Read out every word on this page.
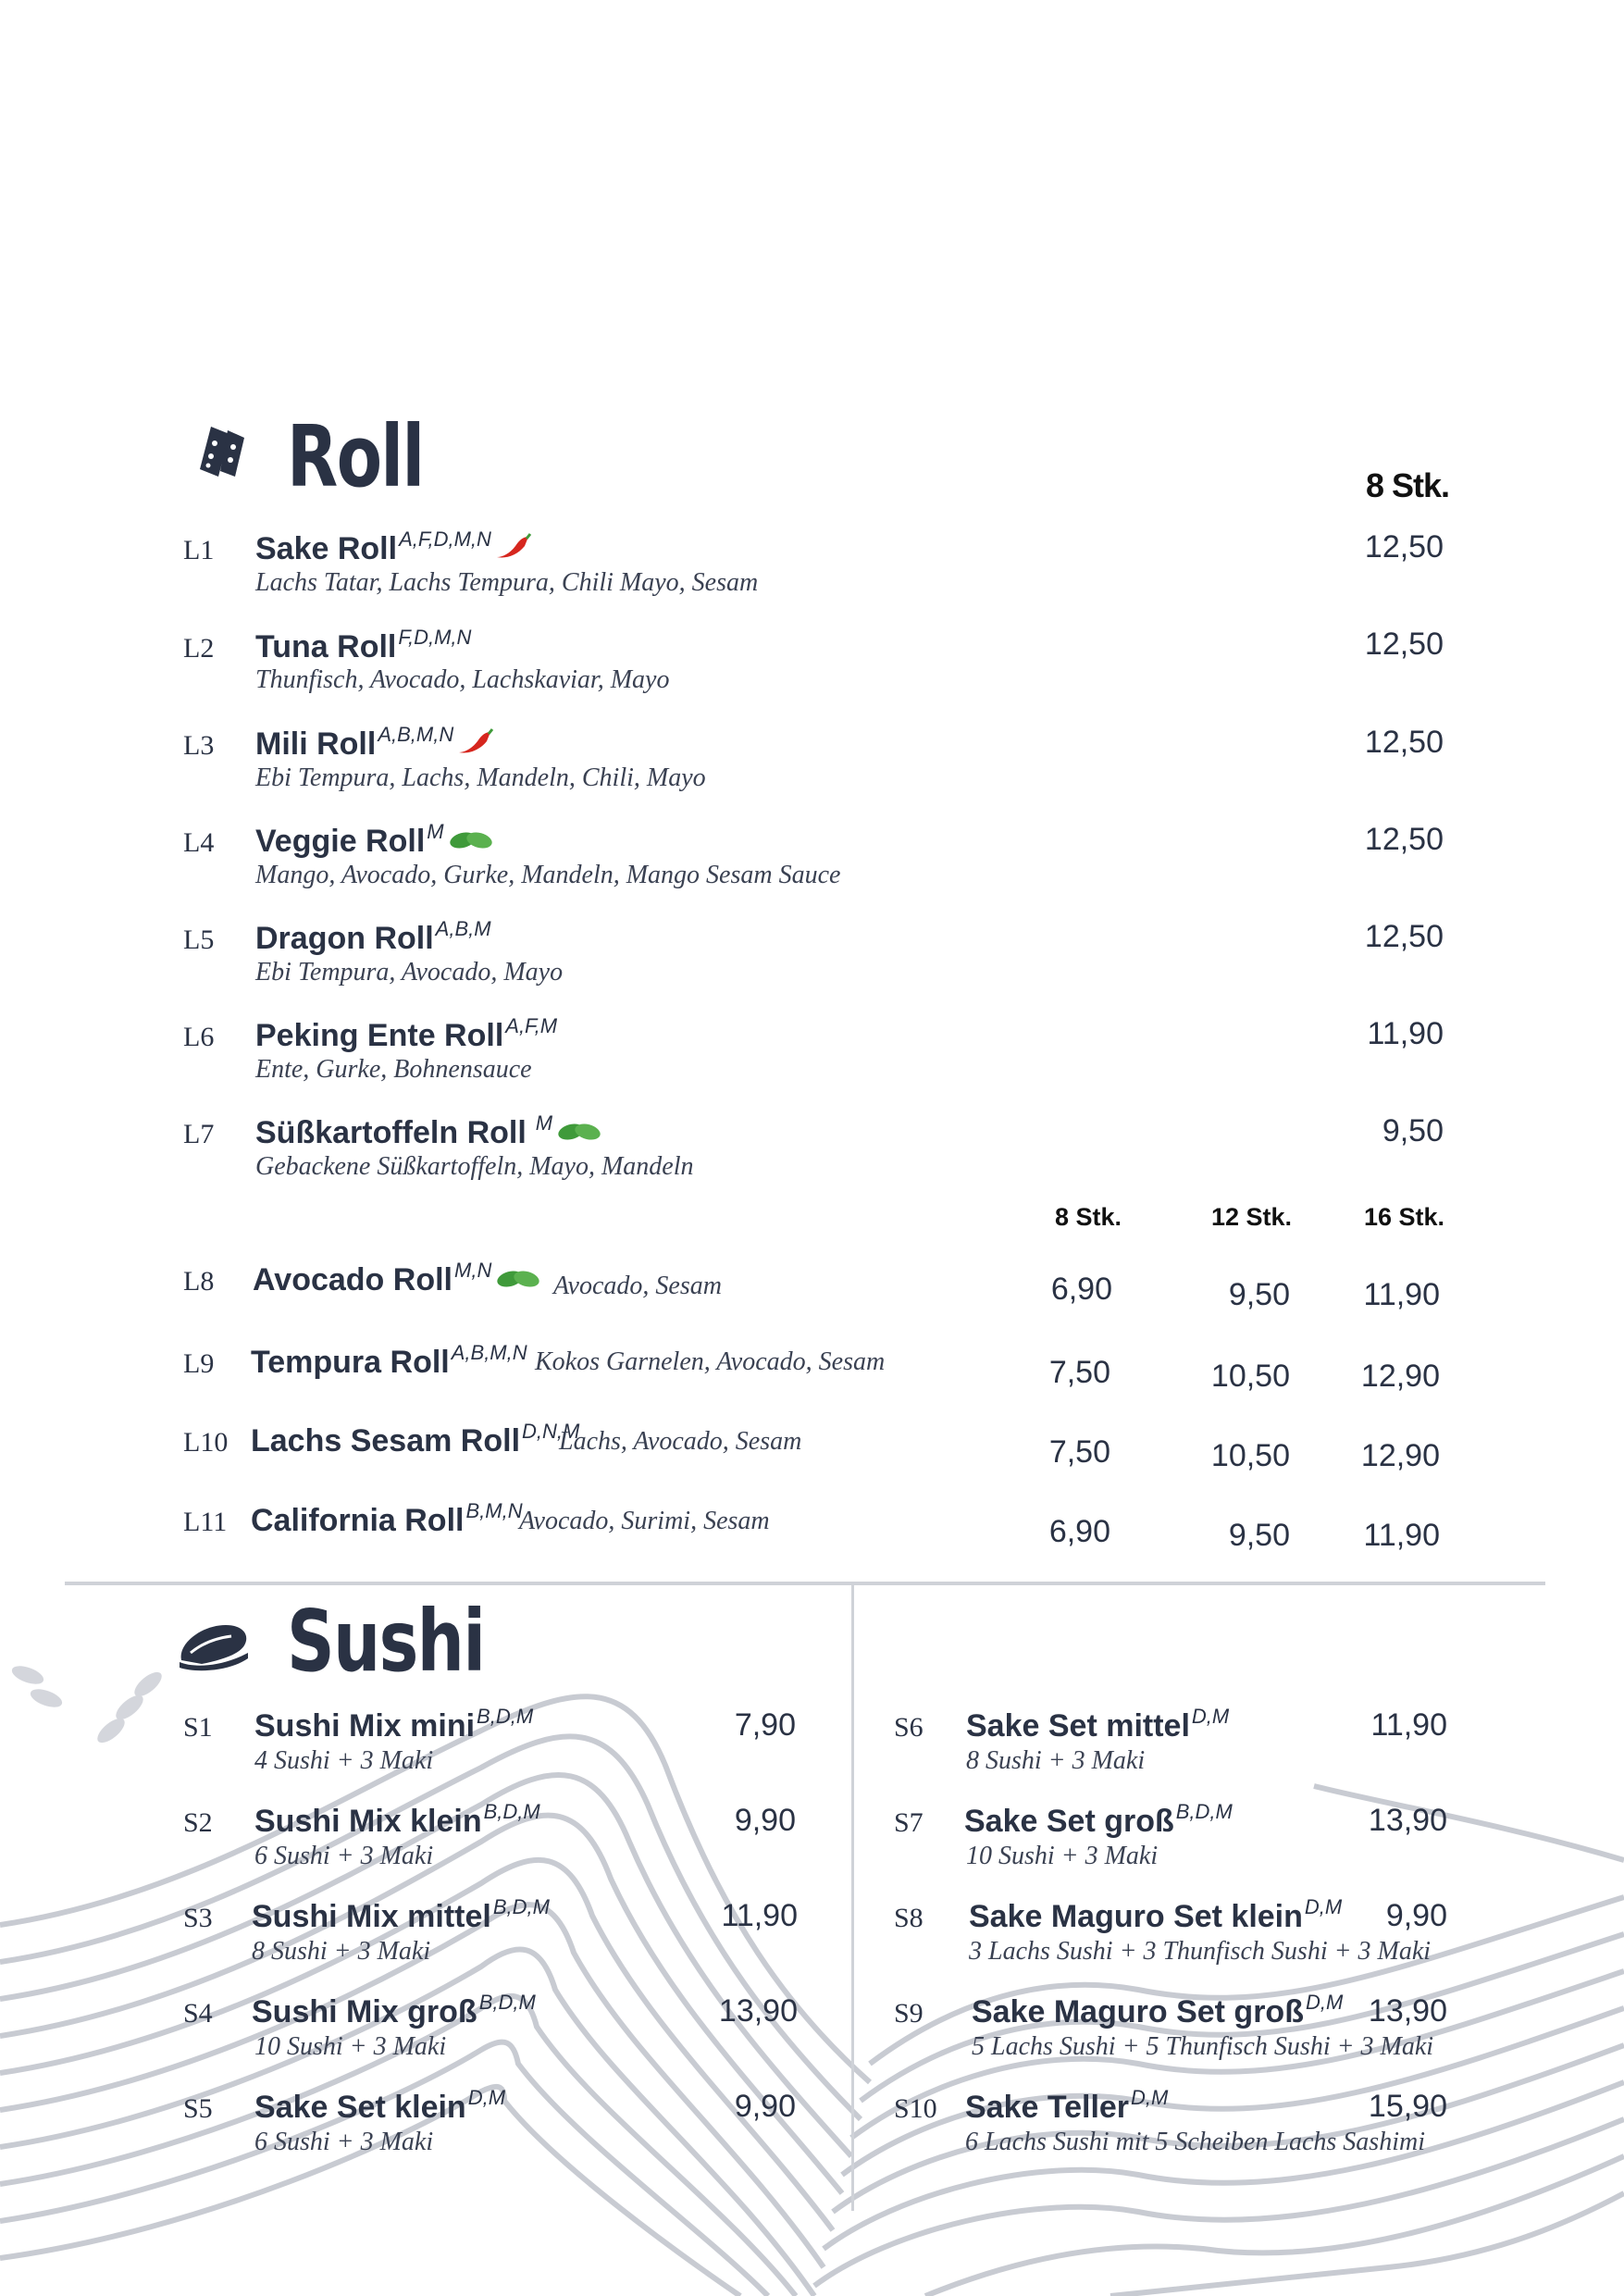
Roll	8 Stk.
L1 Sake Roll$^{A,F,D,M,N}$
Lachs Tatar, Lachs Tempura, Chili Mayo, Sesam
12,50
L2 Tuna Roll$^{F,D,M,N}$
Thunfisch, Avocado, Lachskaviar, Mayo
12,50
L3 Mili Roll$^{A,B,M,N}$
Ebi Tempura, Lachs, Mandeln, Chili, Mayo
12,50
L4 Veggie Roll$^M$
Mango, Avocado, Gurke, Mandeln, Mango Sesam Sauce
12,50
L5 Dragon Roll$^{A,B,M}$
Ebi Tempura, Avocado, Mayo
12,50
L6 Peking Ente Roll$^{A,F,M}$
Ente, Gurke, Bohnensauce
11,90
L7 Süßkartoffeln Roll $^M$
Gebackene Süßkartoffeln, Mayo, Mandeln
9,50
8 Stk.	12 Stk.	16 Stk.
L8 Avocado Roll$^{M,N}$
Avocado, Sesam	6,90	9,50	11,90
L9 Tempura Roll$^{A,B,M,N}$ Kokos Garnelen, Avocado, Sesam	7,50	10,50	12,90
L10 Lachs Sesam Roll$^{D,N,M}$
Lachs, Avocado, Sesam	7,50	10,50	12,90
L11 California Roll$^{B,M,N}$
Avocado, Surimi, Sesam	6,90	9,50	11,90
Sushi
S1 Sushi Mix mini$^{B,D,M}$
4 Sushi + 3 Maki
7,90
S2 Sushi Mix klein$^{B,D,M}$
6 Sushi + 3 Maki
9,90
S3 Sushi Mix mittel$^{B,D,M}$
8 Sushi + 3 Maki
11,90
S4 Sushi Mix groß$^{B,D,M}$
10 Sushi + 3 Maki
13,90
S5 Sake Set klein$^{D,M}$
6 Sushi + 3 Maki
9,90
S6 Sake Set mittel$^{D,M}$
8 Sushi + 3 Maki
11,90
S7 Sake Set groß$^{B,D,M}$
10 Sushi + 3 Maki
13,90
S8 Sake Maguro Set klein$^{D,M}$
3 Lachs Sushi + 3 Thunfisch Sushi + 3 Maki
9,90
S9 Sake Maguro Set groß$^{D,M}$
5 Lachs Sushi + 5 Thunfisch Sushi + 3 Maki
13,90
S10 Sake Teller$^{D,M}$
6 Lachs Sushi mit 5 Scheiben Lachs Sashimi
15,90
